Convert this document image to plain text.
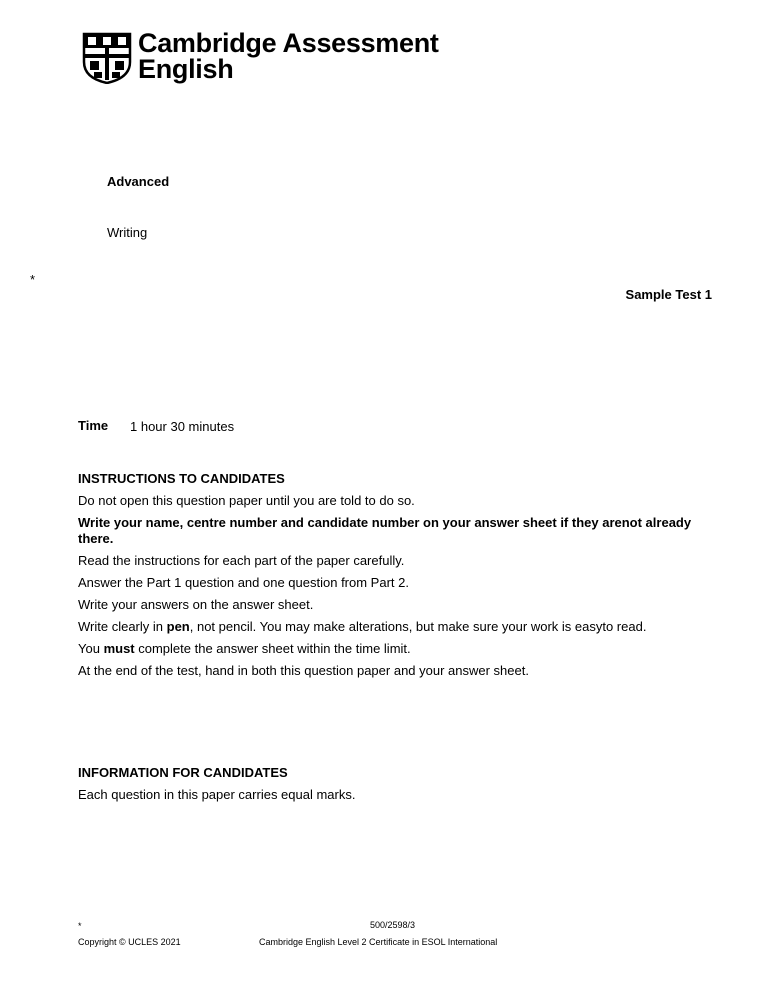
Cambridge Assessment
English
Advanced
Writing
*
Sample Test 1
Time 1 hour 30 minutes

INSTRUCTIONS TO CANDIDATES

Do not open this question paper until you are told to do so.

Write your name, centre number and candidate number on your answer sheet if they arenot already there.

Read the instructions for each part of the paper carefully.

Answer the Part 1 question and one question from Part 2.

Write your answers on the answer sheet.

Write clearly in pen, not pencil. You may make alterations, but make sure your work is easyto read.

You must complete the answer sheet within the time limit.

At the end of the test, hand in both this question paper and your answer sheet.

INFORMATION FOR CANDIDATES

Each question in this paper carries equal marks.

*	500/2598/3
Copyright © UCLES 2021	Cambridge English Level 2 Certificate in ESOL International
